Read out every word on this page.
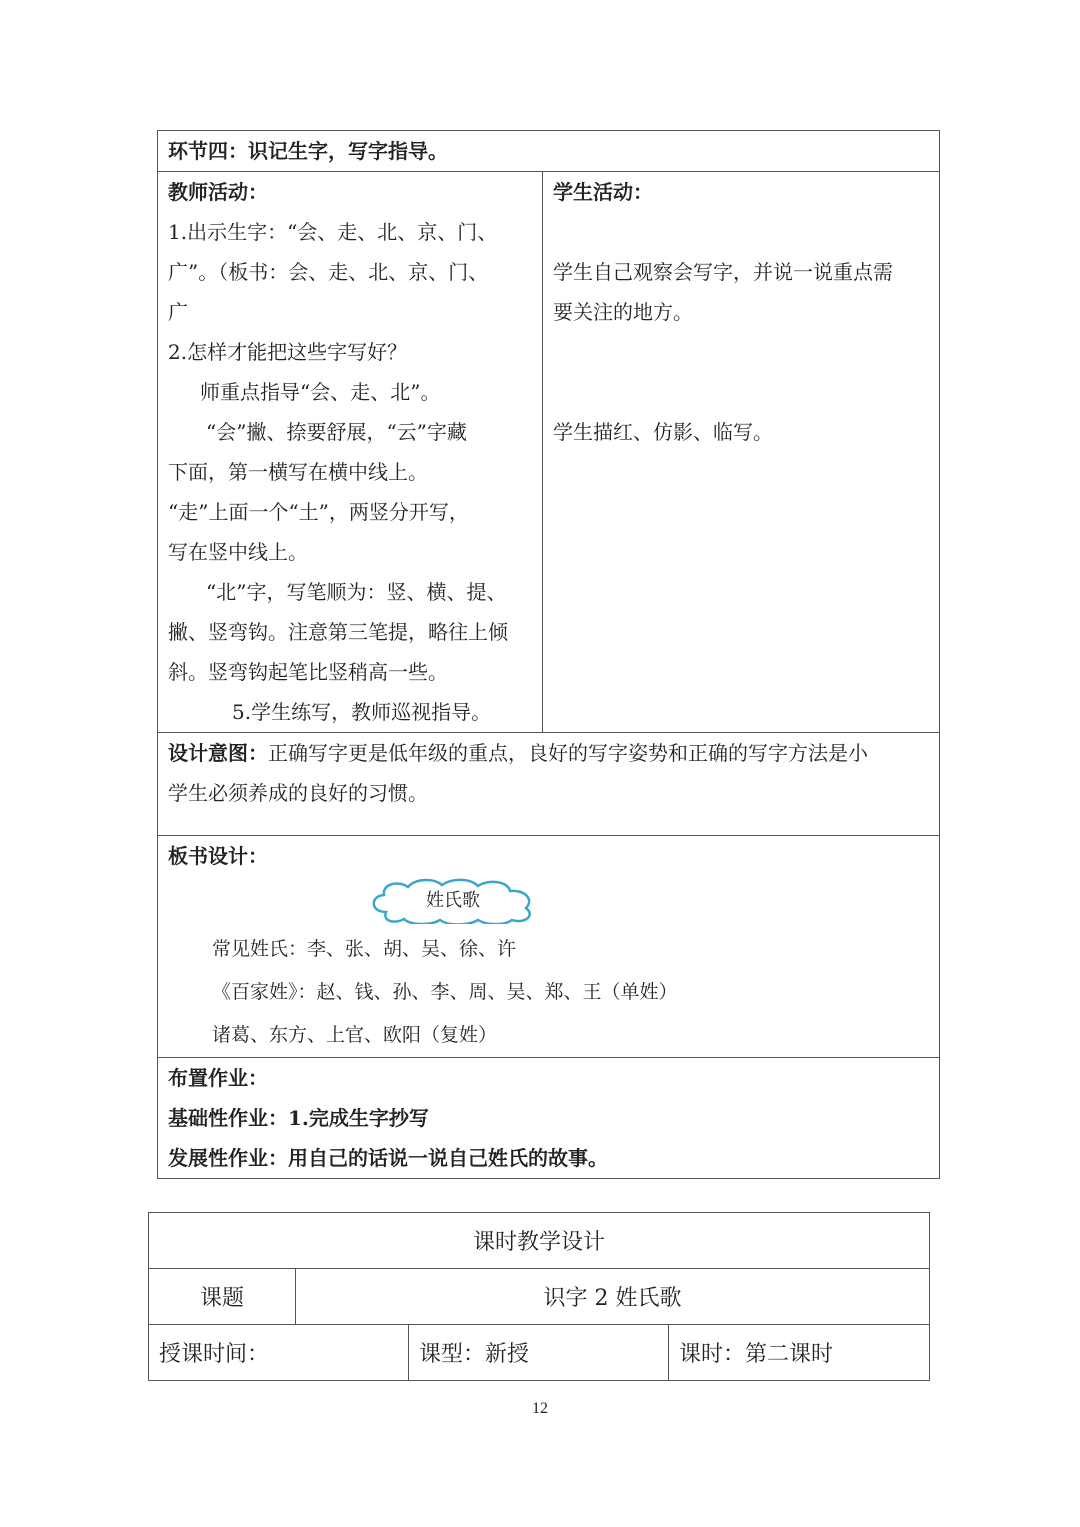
环节四：识记生字，写字指导。

教师活动：
1.出示生字：“会、走、北、京、门、
广”。（板书：会、走、北、京、门、
广
2.怎样才能把这些字写好？
师重点指导“会、走、北”。
“会”撇、捺要舒展，“云”字藏
下面，第一横写在横中线上。
“走”上面一个“土”，两竖分开写，
写在竖中线上。
“北”字，写笔顺为：竖、横、提、
撇、竖弯钩。注意第三笔提，略往上倾
斜。竖弯钩起笔比竖稍高一些。
5.学生练写，教师巡视指导。

学生活动：
学生自己观察会写字，并说一说重点需
要关注的地方。
学生描红、仿影、临写。

设计意图：正确写字更是低年级的重点，良好的写字姿势和正确的写字方法是小
学生必须养成的良好的习惯。

板书设计：
姓氏歌
常见姓氏：李、张、胡、吴、徐、许
《百家姓》：赵、钱、孙、李、周、吴、郑、王（单姓）
诸葛、东方、上官、欧阳（复姓）

布置作业：
基础性作业：1.完成生字抄写
发展性作业：用自己的话说一说自己姓氏的故事。
课时教学设计			
课题	识字 2 姓氏歌		
授课时间：		课型：新授	课时：第二课时
12
